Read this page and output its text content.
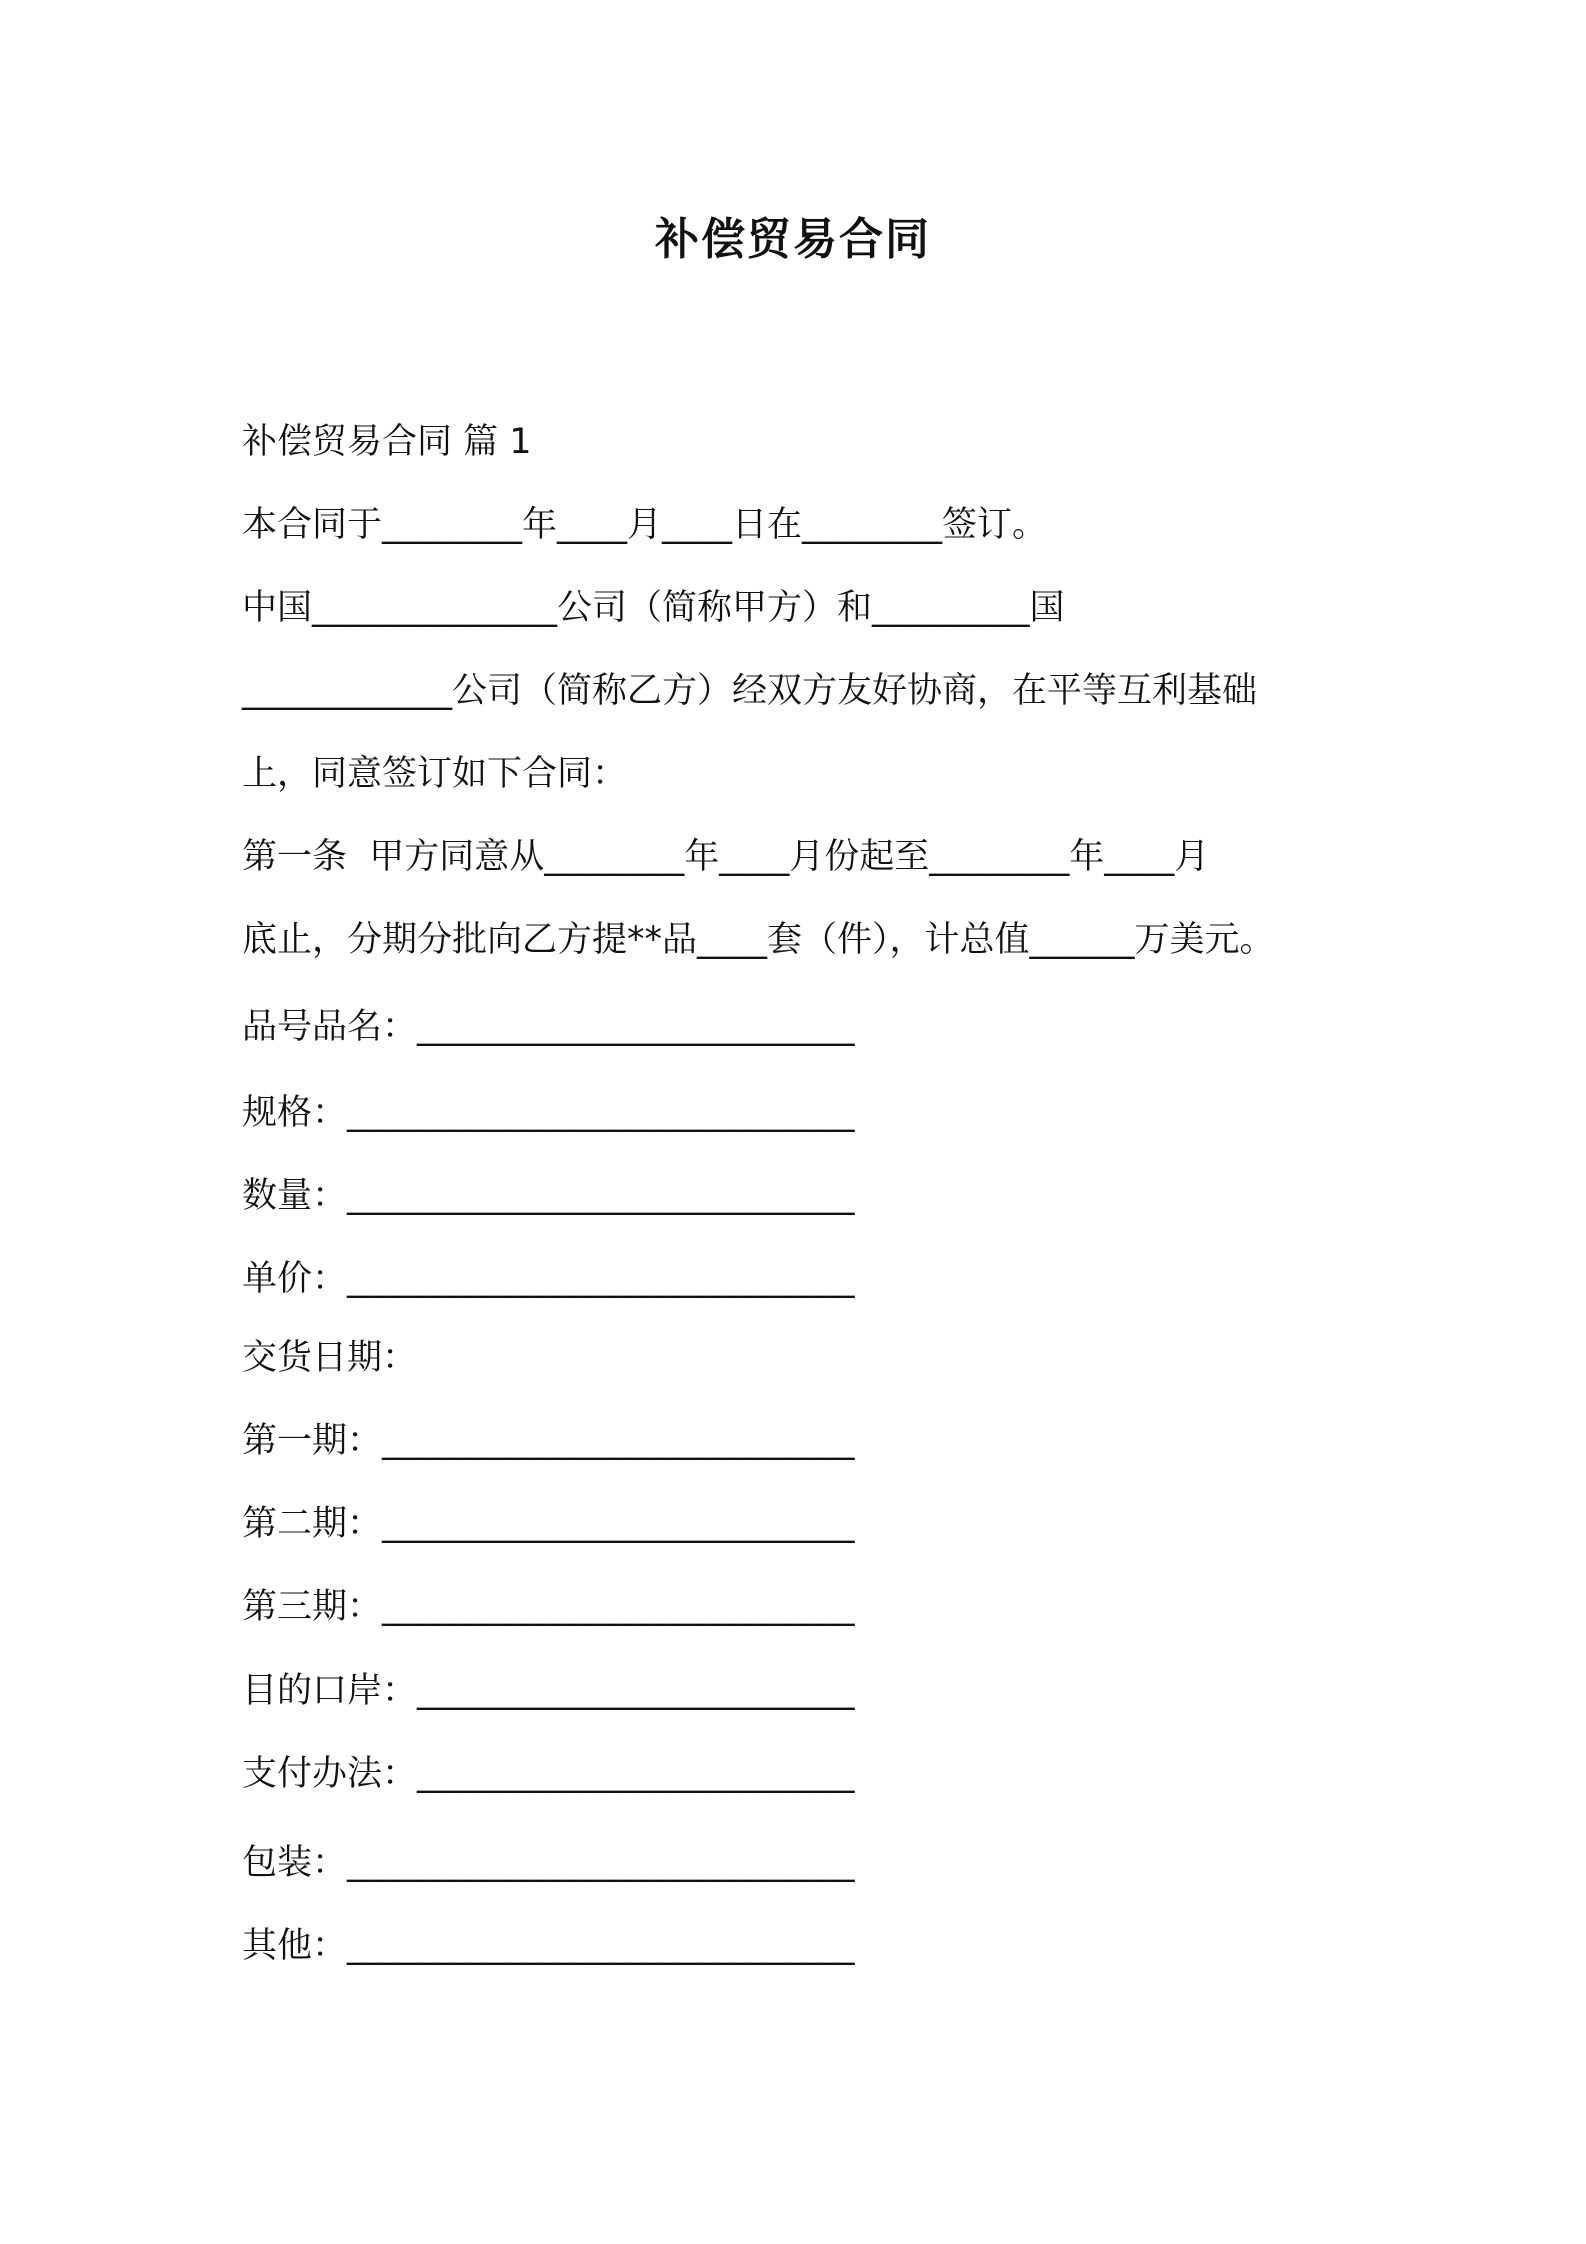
补偿贸易合同
补偿贸易合同 篇 1
本合同于________年____月____日在________签订。
中国______________公司（简称甲方）和_________国
____________公司（简称乙方）经双方友好协商，在平等互利基础
上，同意签订如下合同：
第一条  甲方同意从________年____月份起至________年____月
底止，分期分批向乙方提**品____套（件），计总值______万美元。
品号品名：_________________________
规格：_____________________________
数量：_____________________________
单价：_____________________________
交货日期：
第一期：___________________________
第二期：___________________________
第三期：___________________________
目的口岸：_________________________
支付办法：_________________________
包装：_____________________________
其他：_____________________________
